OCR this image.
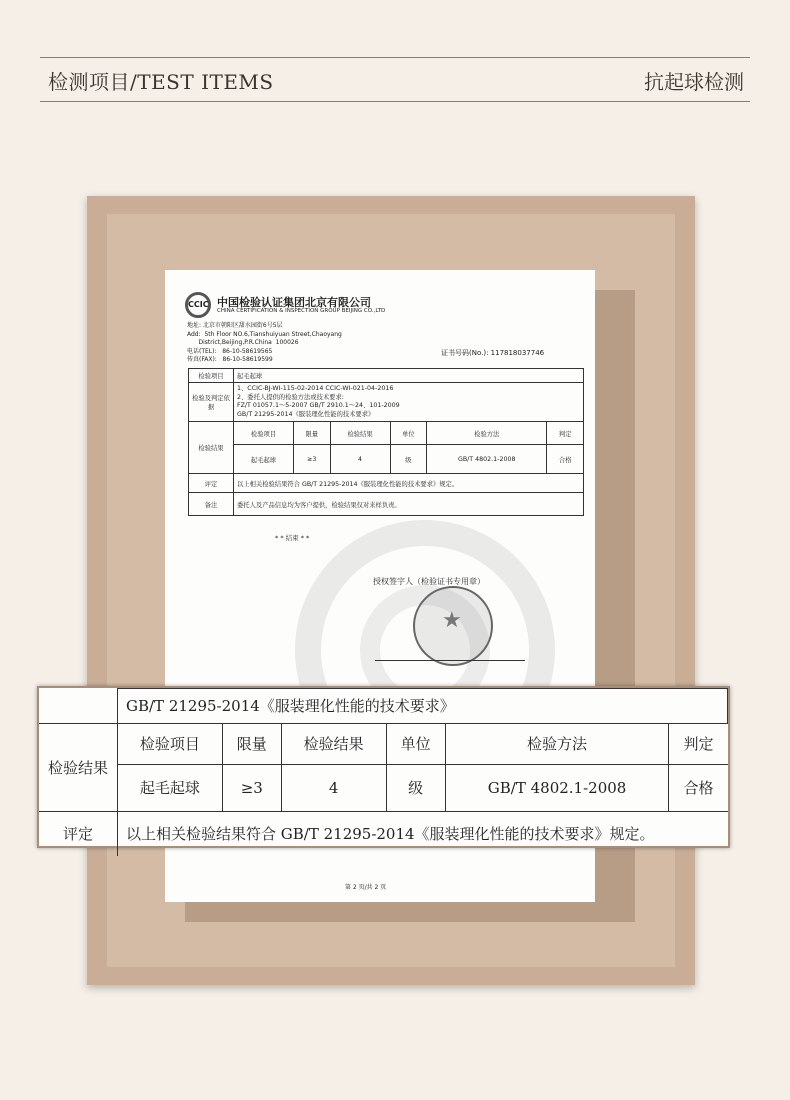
检测项目/TEST ITEMS	抗起球检测
CCIC 中国检验认证集团北京有限公司
CHINA CERTIFICATION & INSPECTION GROUP BEIJING CO.,LTD
地址: 北京市朝阳区甜水园街6号5层
Add:  5th Floor NO.6,Tianshuiyuan Street,Chaoyang
District,Beijing,P.R.China  100026
电话(TEL):   86-10-58619565
传真(FAX):   86-10-58619599
证书号码(No.): 117818037746
检验项目	起毛起球					
检验及判定依据	1、CCIC-BJ-WI-115-02-2014 CCIC-WI-021-04-2016
2、委托人提供的检验方法或技术要求:
FZ/T 01057.1～5-2007 GB/T 2910.1～24、101-2009
GB/T 21295-2014《服装理化性能的技术要求》					

检验结果	检验项目	限量	检验结果	单位	检验方法	判定
	起毛起球	≥3	4	级	GB/T 4802.1-2008	合格
评定	以上相关检验结果符合 GB/T 21295-2014《服装理化性能的技术要求》规定。					
备注	委托人及产品信息均为客户提供，检验结果仅对来样负责。					
* * 结束 * *
授权签字人（检验证书专用章）
★
第 2 页/共 2 页
	GB/T 21295-2014《服装理化性能的技术要求》					
检验结果	检验项目	限量	检验结果	单位	检验方法	判定
	起毛起球	≥3	4	级	GB/T 4802.1-2008	合格
评定	以上相关检验结果符合 GB/T 21295-2014《服装理化性能的技术要求》规定。					
